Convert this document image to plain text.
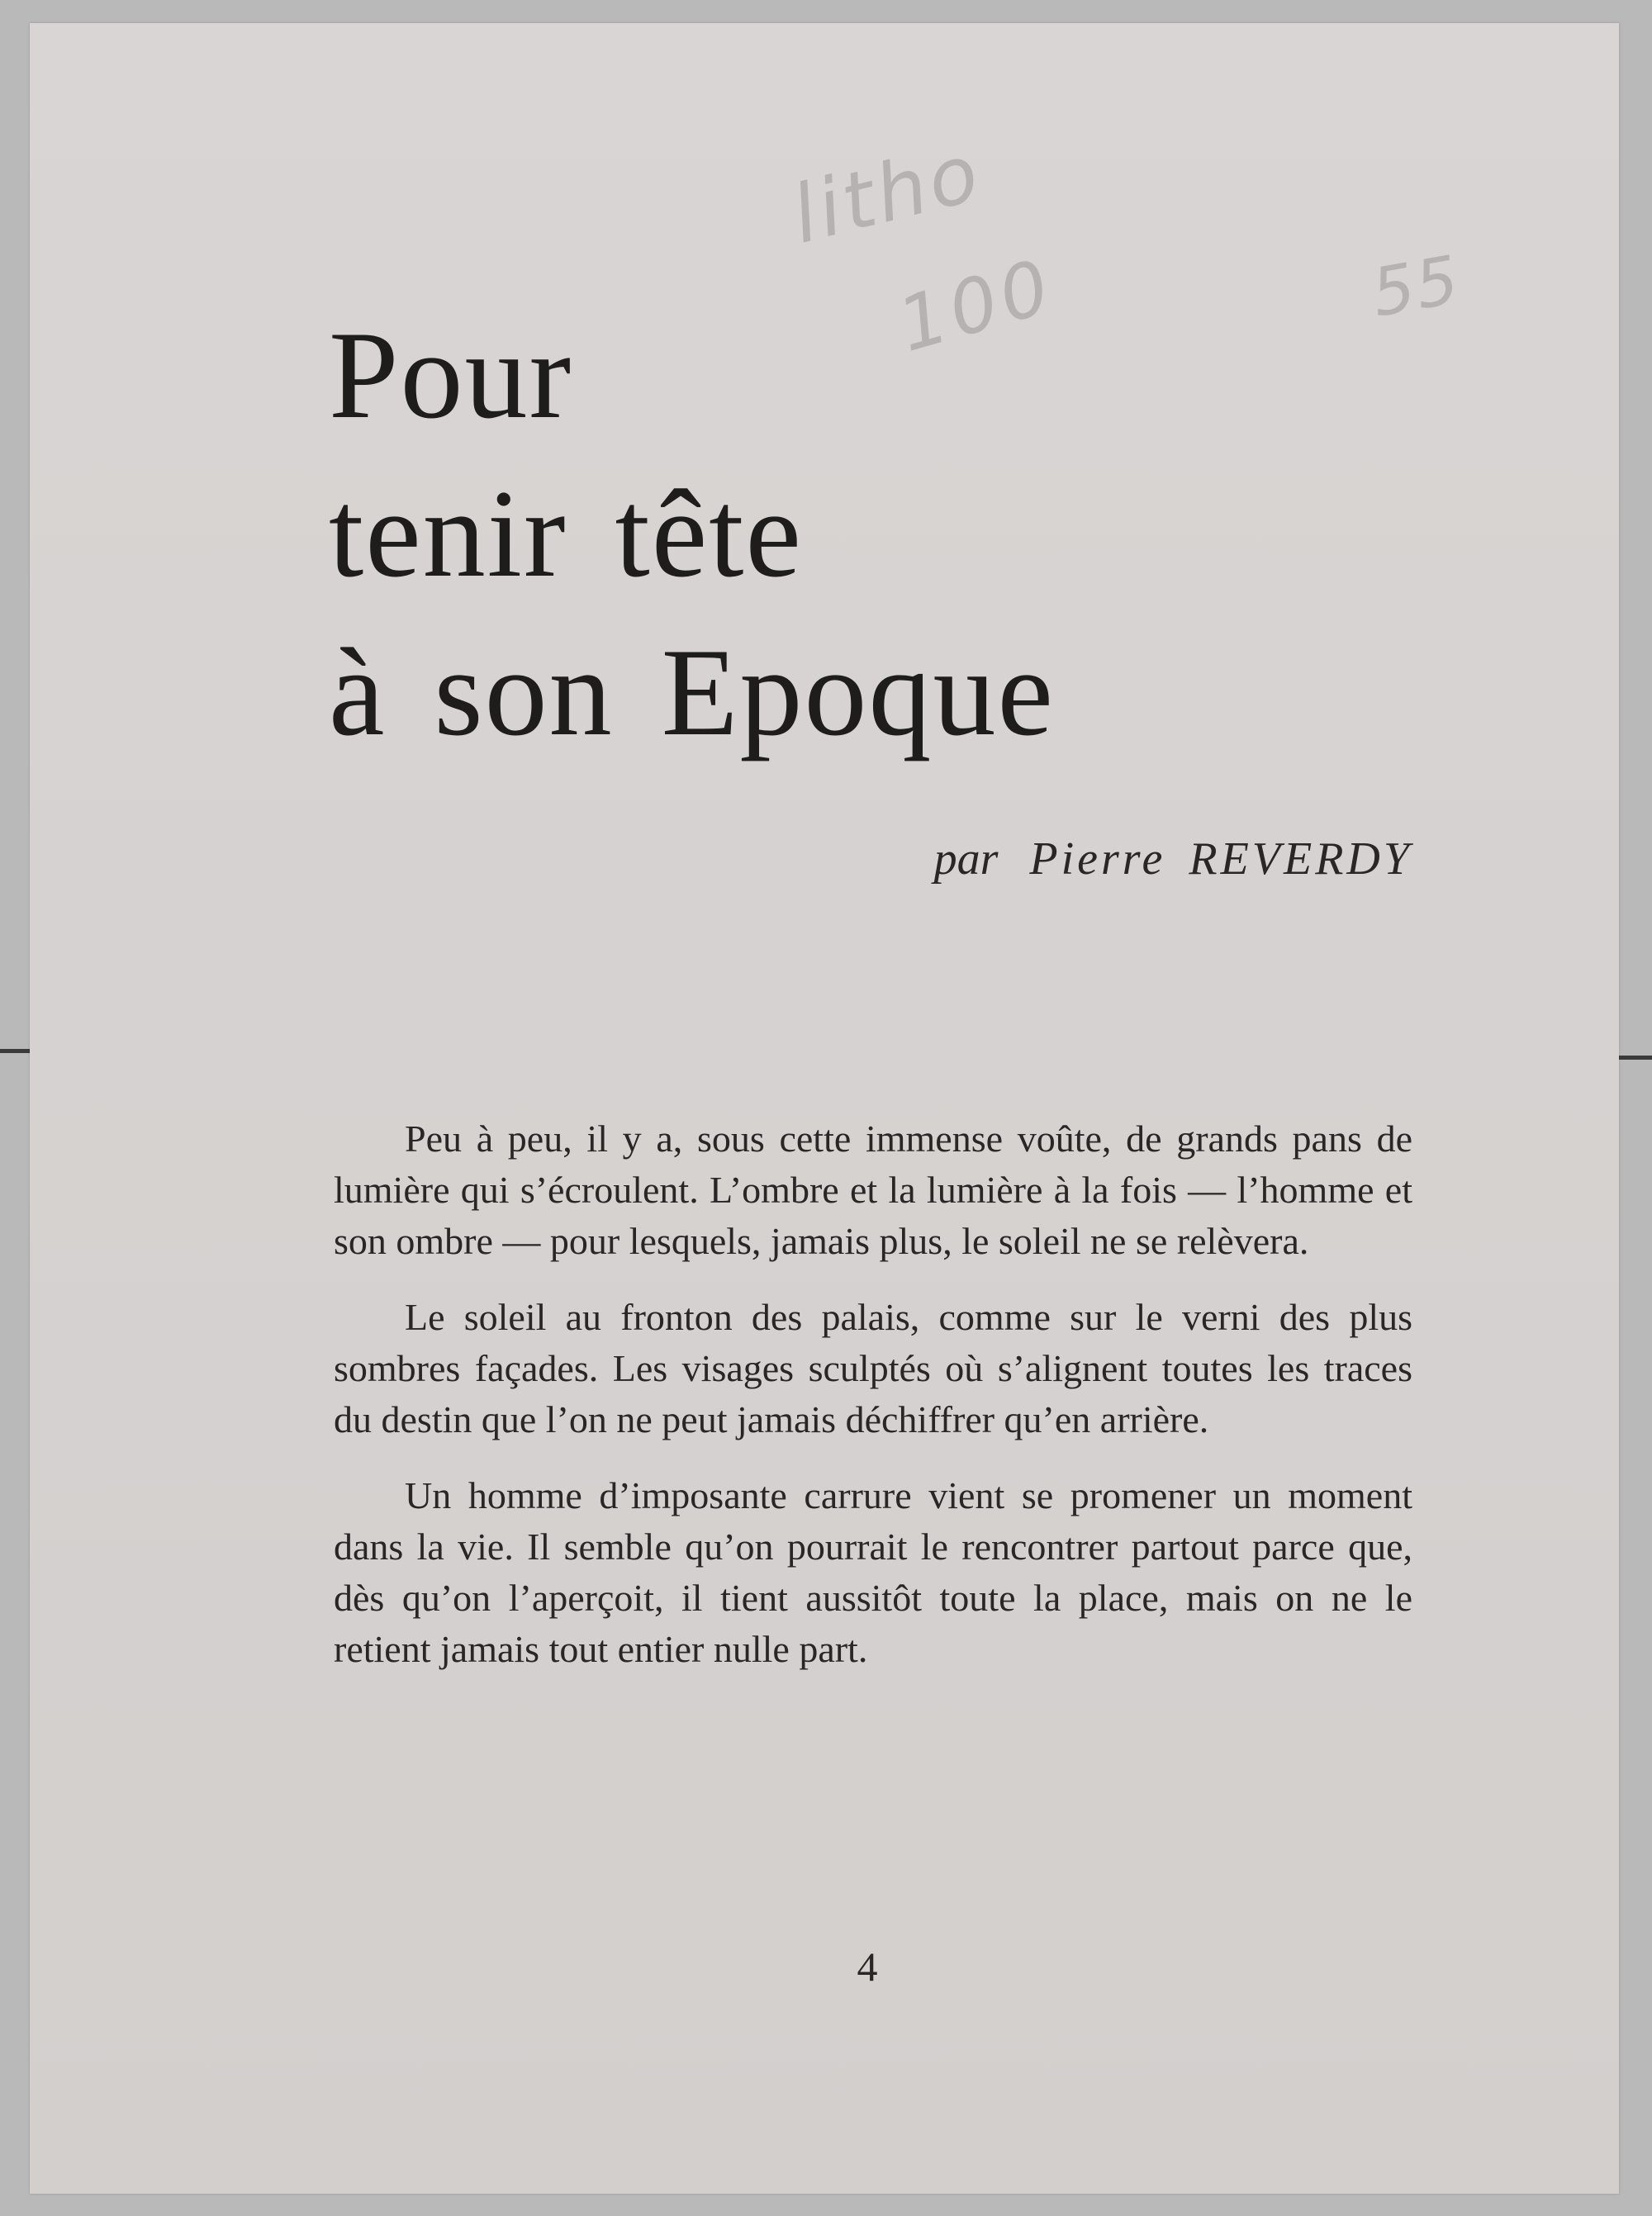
litho
100	55
Pour
tenir tête
à son Epoque
par Pierre REVERDY

Peu à peu, il y a, sous cette immense voûte, de grands pans de lumière qui s’écroulent. L’ombre et la lumière à la fois — l’homme et son ombre — pour lesquels, jamais plus, le soleil ne se relèvera.

Le soleil au fronton des palais, comme sur le verni des plus sombres façades. Les visages sculptés où s’alignent toutes les traces du destin que l’on ne peut jamais déchiffrer qu’en arrière.

Un homme d’imposante carrure vient se promener un moment dans la vie. Il semble qu’on pourrait le rencontrer partout parce que, dès qu’on l’aperçoit, il tient aussitôt toute la place, mais on ne le retient jamais tout entier nulle part.

4
